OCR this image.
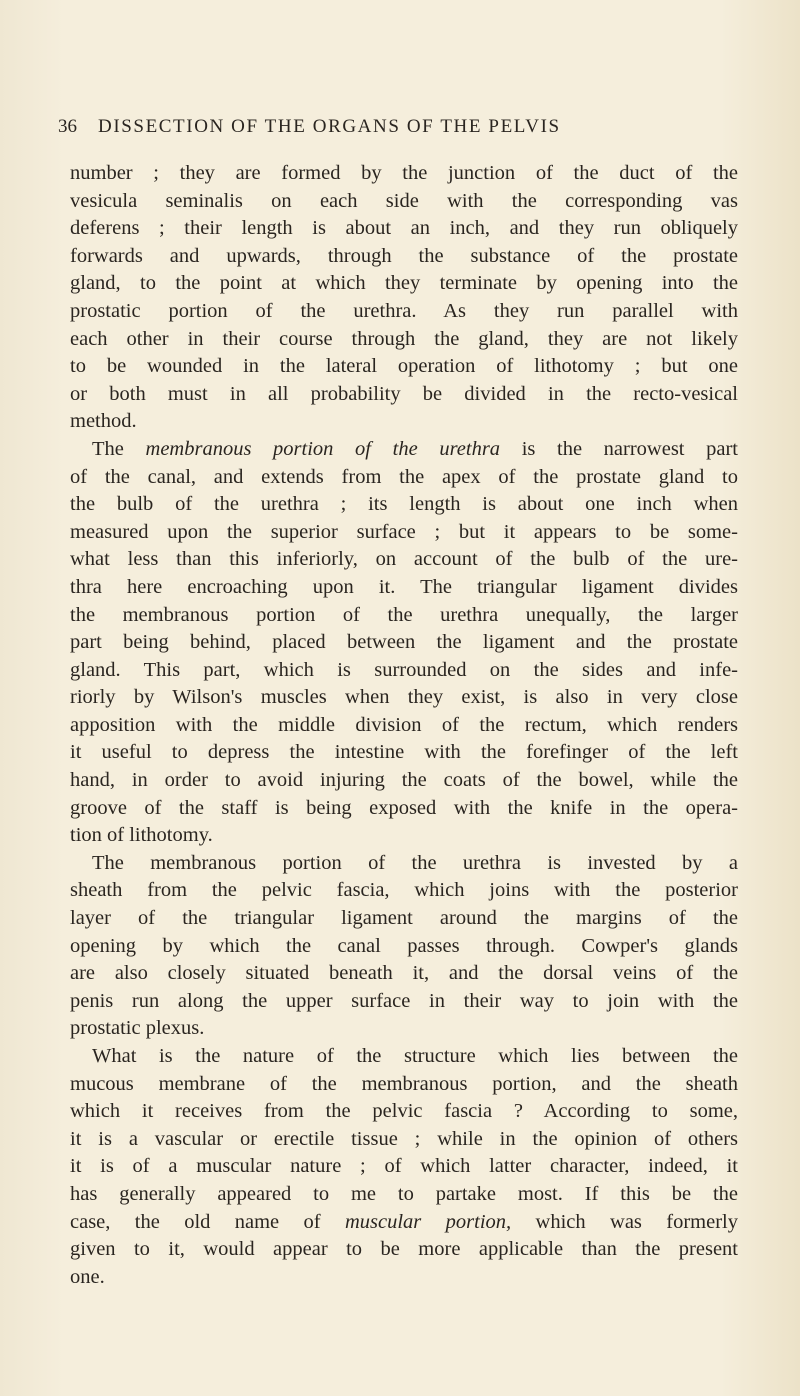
36 DISSECTION OF THE ORGANS OF THE PELVIS
number ; they are formed by the junction of the duct of the
vesicula seminalis on each side with the corresponding vas
deferens ; their length is about an inch, and they run obliquely
forwards and upwards, through the substance of the prostate
gland, to the point at which they terminate by opening into the
prostatic portion of the urethra. As they run parallel with
each other in their course through the gland, they are not likely
to be wounded in the lateral operation of lithotomy ; but one
or both must in all probability be divided in the recto-vesical
method.
The membranous portion of the urethra is the narrowest part
of the canal, and extends from the apex of the prostate gland to
the bulb of the urethra ; its length is about one inch when
measured upon the superior surface ; but it appears to be some-
what less than this inferiorly, on account of the bulb of the ure-
thra here encroaching upon it. The triangular ligament divides
the membranous portion of the urethra unequally, the larger
part being behind, placed between the ligament and the prostate
gland. This part, which is surrounded on the sides and infe-
riorly by Wilson's muscles when they exist, is also in very close
apposition with the middle division of the rectum, which renders
it useful to depress the intestine with the forefinger of the left
hand, in order to avoid injuring the coats of the bowel, while the
groove of the staff is being exposed with the knife in the opera-
tion of lithotomy.
The membranous portion of the urethra is invested by a
sheath from the pelvic fascia, which joins with the posterior
layer of the triangular ligament around the margins of the
opening by which the canal passes through. Cowper's glands
are also closely situated beneath it, and the dorsal veins of the
penis run along the upper surface in their way to join with the
prostatic plexus.
What is the nature of the structure which lies between the
mucous membrane of the membranous portion, and the sheath
which it receives from the pelvic fascia ? According to some,
it is a vascular or erectile tissue ; while in the opinion of others
it is of a muscular nature ; of which latter character, indeed, it
has generally appeared to me to partake most. If this be the
case, the old name of muscular portion, which was formerly
given to it, would appear to be more applicable than the present
one.
